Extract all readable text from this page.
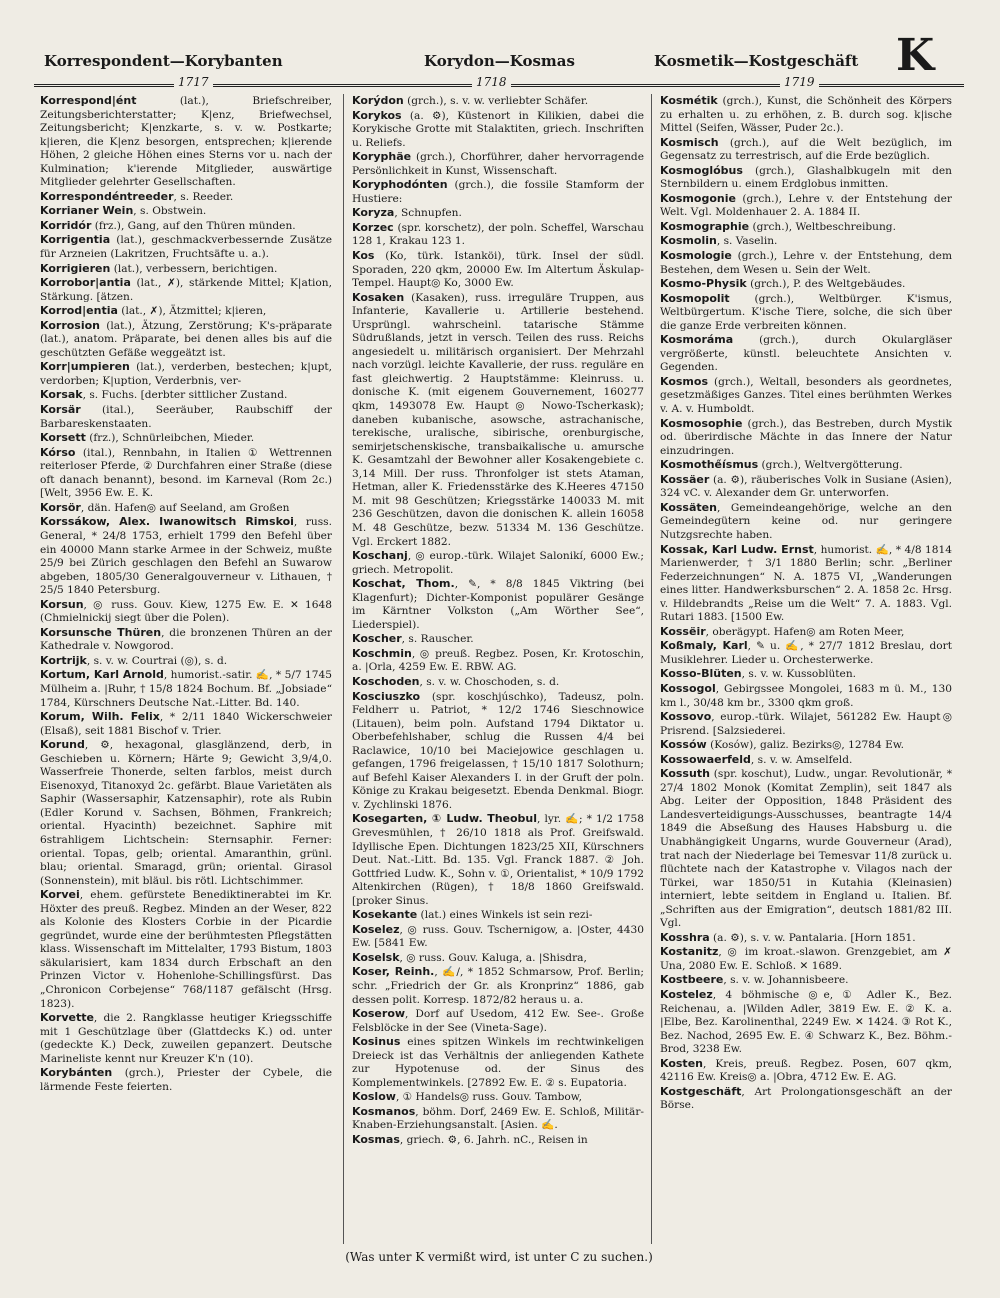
Korrespondent—Korybanten	Korydon—Kosmas	Kosmetik—Kostgeschäft K
1717	1718	1719

Korrespond|ént (lat.), Briefschreiber, Zeitungsberichterstatter; K|enz, Briefwechsel, Zeitungsbericht; K|enzkarte, s. v. w. Postkarte; k|ieren, die K|enz besorgen, entsprechen; k|ierende Höhen, 2 gleiche Höhen eines Sterns vor u. nach der Kulmination; k'ierende Mitglieder, auswärtige Mitglieder gelehrter Gesellschaften.

Korrespondéntreeder, s. Reeder.

Korrianer Wein, s. Obstwein.

Korridór (frz.), Gang, auf den Thüren münden.

Korrigentia (lat.), geschmackverbessernde Zusätze für Arzneien (Lakritzen, Fruchtsäfte u. a.).

Korrigieren (lat.), verbessern, berichtigen.

Korrobor|antia (lat., ✗), stärkende Mittel; K|ation, Stärkung. [ätzen.

Korrod|entia (lat., ✗), Ätzmittel; k|ieren,

Korrosion (lat.), Ätzung, Zerstörung; K's-präparate (lat.), anatom. Präparate, bei denen alles bis auf die geschützten Gefäße weggeätzt ist.

Korr|umpieren (lat.), verderben, bestechen; k|upt, verdorben; K|uption, Verderbnis, ver-

Korsak, s. Fuchs. [derbter sittlicher Zustand.

Korsär (ital.), Seeräuber, Raubschiff der Barbareskenstaaten.

Korsett (frz.), Schnürleibchen, Mieder.

Kórso (ital.), Rennbahn, in Italien ① Wettrennen reiterloser Pferde, ② Durchfahren einer Straße (diese oft danach benannt), besond. im Karneval (Rom 2c.) [Welt, 3956 Ew. E. K.

Korsör, dän. Hafen◎ auf Seeland, am Großen

Korssákow, Alex. Iwanowitsch Rimskoi, russ. General, * 24/8 1753, erhielt 1799 den Befehl über ein 40000 Mann starke Armee in der Schweiz, mußte 25/9 bei Zürich geschlagen den Befehl an Suwarow abgeben, 1805/30 Generalgouverneur v. Lithauen, † 25/5 1840 Petersburg.

Korsun, ◎ russ. Gouv. Kiew, 1275 Ew. E. ✕ 1648 (Chmielnickij siegt über die Polen).

Korsunsche Thüren, die bronzenen Thüren an der Kathedrale v. Nowgorod.

Kortrijk, s. v. w. Courtrai (◎), s. d.

Kortum, Karl Arnold, humorist.-satir. ✍, * 5/7 1745 Mülheim a. |Ruhr, † 15/8 1824 Bochum. Bf. „Jobsiade“ 1784, Kürschners Deutsche Nat.-Litter. Bd. 140.

Korum, Wilh. Felix, * 2/11 1840 Wickerschweier (Elsaß), seit 1881 Bischof v. Trier.

Korund, ⚙, hexagonal, glasglänzend, derb, in Geschieben u. Körnern; Härte 9; Gewicht 3,9/4,0. Wasserfreie Thonerde, selten farblos, meist durch Eisenoxyd, Titanoxyd 2c. gefärbt. Blaue Varietäten als Saphir (Wassersaphir, Katzensaphir), rote als Rubin (Edler Korund v. Sachsen, Böhmen, Frankreich; oriental. Hyacinth) bezeichnet. Saphire mit 6strahligem Lichtschein: Sternsaphir. Ferner: oriental. Topas, gelb; oriental. Amaranthin, grünl. blau; oriental. Smaragd, grün; oriental. Girasol (Sonnenstein), mit bläul. bis rötl. Lichtschimmer.

Korvei, ehem. gefürstete Benediktinerabtei im Kr. Höxter des preuß. Regbez. Minden an der Weser, 822 als Kolonie des Klosters Corbie in der Picardie gegründet, wurde eine der berühmtesten Pflegstätten klass. Wissenschaft im Mittelalter, 1793 Bistum, 1803 säkularisiert, kam 1834 durch Erbschaft an den Prinzen Victor v. Hohenlohe-Schillingsfürst. Das „Chronicon Corbejense“ 768/1187 gefälscht (Hrsg. 1823).

Korvette, die 2. Rangklasse heutiger Kriegsschiffe mit 1 Geschützlage über (Glattdecks K.) od. unter (gedeckte K.) Deck, zuweilen gepanzert. Deutsche Marineliste kennt nur Kreuzer K'n (10).

Korybánten (grch.), Priester der Cybele, die lärmende Feste feierten.

Korýdon (grch.), s. v. w. verliebter Schäfer.

Korykos (a. ⚙), Küstenort in Kilikien, dabei die Korykische Grotte mit Stalaktiten, griech. Inschriften u. Reliefs.

Koryphäe (grch.), Chorführer, daher hervorragende Persönlichkeit in Kunst, Wissenschaft.

Koryphodónten (grch.), die fossile Stamform der Hustiere:

Koryza, Schnupfen.

Korzec (spr. korschetz), der poln. Scheffel, Warschau 128 1, Krakau 123 1.

Kos (Ko, türk. Istanköi), türk. Insel der südl. Sporaden, 220 qkm, 20000 Ew. Im Altertum Äskulap-Tempel. Haupt◎ Ko, 3000 Ew.

Kosaken (Kasaken), russ. irreguläre Truppen, aus Infanterie, Kavallerie u. Artillerie bestehend. Ursprüngl. wahrscheinl. tatarische Stämme Südrußlands, jetzt in versch. Teilen des russ. Reichs angesiedelt u. militärisch organisiert. Der Mehrzahl nach vorzügl. leichte Kavallerie, der russ. reguläre en fast gleichwertig. 2 Hauptstämme: Kleinruss. u. donische K. (mit eigenem Gouvernement, 160277 qkm, 1493078 Ew. Haupt◎ Nowo-Tscherkask); daneben kubanische, asowsche, astrachanische, terekische, uralische, sibirische, orenburgische, semirjetschenskische, transbaikalische u. amursche K. Gesamtzahl der Bewohner aller Kosakengebiete c. 3,14 Mill. Der russ. Thronfolger ist stets Ataman, Hetman, aller K. Friedensstärke des K.Heeres 47150 M. mit 98 Geschützen; Kriegsstärke 140033 M. mit 236 Geschützen, davon die donischen K. allein 16058 M. 48 Geschütze, bezw. 51334 M. 136 Geschütze. Vgl. Erckert 1882.

Koschanj, ◎ europ.-türk. Wilajet Salonikí, 6000 Ew.; griech. Metropolit.

Koschat, Thom., ✎, * 8/8 1845 Viktring (bei Klagenfurt); Dichter-Komponist populärer Gesänge im Kärntner Volkston („Am Wörther See“, Liederspiel).

Koscher, s. Rauscher.

Koschmin, ◎ preuß. Regbez. Posen, Kr. Krotoschin, a. |Orla, 4259 Ew. E. RBW. AG.

Koschoden, s. v. w. Choschoden, s. d.

Kosciuszko (spr. koschjúschko), Tadeusz, poln. Feldherr u. Patriot, * 12/2 1746 Sieschnowice (Litauen), beim poln. Aufstand 1794 Diktator u. Oberbefehlshaber, schlug die Russen 4/4 bei Raclawice, 10/10 bei Maciejowice geschlagen u. gefangen, 1796 freigelassen, † 15/10 1817 Solothurn; auf Befehl Kaiser Alexanders I. in der Gruft der poln. Könige zu Krakau beigesetzt. Ebenda Denkmal. Biogr. v. Zychlinski 1876.

Kosegarten, ① Ludw. Theobul, lyr. ✍; * 1/2 1758 Grevesmühlen, † 26/10 1818 als Prof. Greifswald. Idyllische Epen. Dichtungen 1823/25 XII, Kürschners Deut. Nat.-Litt. Bd. 135. Vgl. Franck 1887. ② Joh. Gottfried Ludw. K., Sohn v. ①, Orientalist, * 10/9 1792 Altenkirchen (Rügen), † 18/8 1860 Greifswald. [proker Sinus.

Kosekante (lat.) eines Winkels ist sein rezi-

Koselez, ◎ russ. Gouv. Tschernigow, a. |Oster, 4430 Ew. [5841 Ew.

Koselsk, ◎ russ. Gouv. Kaluga, a. |Shisdra,

Koser, Reinh., ✍/, * 1852 Schmarsow, Prof. Berlin; schr. „Friedrich der Gr. als Kronprinz“ 1886, gab dessen polit. Korresp. 1872/82 heraus u. a.

Koserow, Dorf auf Usedom, 412 Ew. See-. Große Felsblöcke in der See (Vineta-Sage).

Kosinus eines spitzen Winkels im rechtwinkeligen Dreieck ist das Verhältnis der anliegenden Kathete zur Hypotenuse od. der Sinus des Komplementwinkels. [27892 Ew. E. ② s. Eupatoria.

Koslow, ① Handels◎ russ. Gouv. Tambow,

Kosmanos, böhm. Dorf, 2469 Ew. E. Schloß, Militär-Knaben-Erziehungsanstalt. [Asien. ✍.

Kosmas, griech. ⚙, 6. Jahrh. nC., Reisen in

Kosmétik (grch.), Kunst, die Schönheit des Körpers zu erhalten u. zu erhöhen, z. B. durch sog. k|ische Mittel (Seifen, Wässer, Puder 2c.).

Kosmisch (grch.), auf die Welt bezüglich, im Gegensatz zu terrestrisch, auf die Erde bezüglich.

Kosmoglóbus (grch.), Glashalbkugeln mit den Sternbildern u. einem Erdglobus inmitten.

Kosmogonie (grch.), Lehre v. der Entstehung der Welt. Vgl. Moldenhauer 2. A. 1884 II.

Kosmographie (grch.), Weltbeschreibung.

Kosmolin, s. Vaselin.

Kosmologie (grch.), Lehre v. der Entstehung, dem Bestehen, dem Wesen u. Sein der Welt.

Kosmo-Physik (grch.), P. des Weltgebäudes.

Kosmopolit (grch.), Weltbürger. K'ismus, Weltbürgertum. K'ische Tiere, solche, die sich über die ganze Erde verbreiten können.

Kosmoráma (grch.), durch Okulargläser vergrößerte, künstl. beleuchtete Ansichten v. Gegenden.

Kosmos (grch.), Weltall, besonders als geordnetes, gesetzmäßiges Ganzes. Titel eines berühmten Werkes v. A. v. Humboldt.

Kosmosophie (grch.), das Bestreben, durch Mystik od. überirdische Mächte in das Innere der Natur einzudringen.

Kosmothe̋ísmus (grch.), Weltvergötterung.

Kossäer (a. ⚙), räuberisches Volk in Susiane (Asien), 324 vC. v. Alexander dem Gr. unterworfen.

Kossäten, Gemeindeangehörige, welche an den Gemeindegütern keine od. nur geringere Nutzgsrechte haben.

Kossak, Karl Ludw. Ernst, humorist. ✍, * 4/8 1814 Marienwerder, † 3/1 1880 Berlin; schr. „Berliner Federzeichnungen“ N. A. 1875 VI, „Wanderungen eines litter. Handwerksburschen“ 2. A. 1858 2c. Hrsg. v. Hildebrandts „Reise um die Welt“ 7. A. 1883. Vgl. Rutari 1883. [1500 Ew.

Kossëir, oberägypt. Hafen◎ am Roten Meer,

Koßmaly, Karl, ✎ u. ✍, * 27/7 1812 Breslau, dort Musiklehrer. Lieder u. Orchesterwerke.

Kosso-Blüten, s. v. w. Kussoblüten.

Kossogol, Gebirgssee Mongolei, 1683 m ü. M., 130 km l., 30/48 km br., 3300 qkm groß.

Kossovo, europ.-türk. Wilajet, 561282 Ew. Haupt◎ Prisrend. [Salzsiederei.

Kossów (Kosów), galiz. Bezirks◎, 12784 Ew.

Kossowaerfeld, s. v. w. Amselfeld.

Kossuth (spr. koschut), Ludw., ungar. Revolutionär, * 27/4 1802 Monok (Komitat Zemplin), seit 1847 als Abg. Leiter der Opposition, 1848 Präsident des Landesverteidigungs-Ausschusses, beantragte 14/4 1849 die Abseßung des Hauses Habsburg u. die Unabhängigkeit Ungarns, wurde Gouverneur (Arad), trat nach der Niederlage bei Temesvar 11/8 zurück u. flüchtete nach der Katastrophe v. Vilagos nach der Türkei, war 1850/51 in Kutahia (Kleinasien) interniert, lebte seitdem in England u. Italien. Bf. „Schriften aus der Emigration“, deutsch 1881/82 III. Vgl.

Kosshra (a. ⚙), s. v. w. Pantalaria. [Horn 1851.

Kostanitz, ◎ im kroat.-slawon. Grenzgebiet, am ✗ Una, 2080 Ew. E. Schloß. ✕ 1689.

Kostbeere, s. v. w. Johannisbeere.

Kostelez, 4 böhmische ◎e, ① Adler K., Bez. Reichenau, a. |Wilden Adler, 3819 Ew. E. ② K. a. |Elbe, Bez. Karolinenthal, 2249 Ew. ✕ 1424. ③ Rot K., Bez. Nachod, 2695 Ew. E. ④ Schwarz K., Bez. Böhm.-Brod, 3238 Ew.

Kosten, Kreis, preuß. Regbez. Posen, 607 qkm, 42116 Ew. Kreis◎ a. |Obra, 4712 Ew. E. AG.

Kostgeschäft, Art Prolongationsgeschäft an der Börse.

(Was unter K vermißt wird, ist unter C zu suchen.)
